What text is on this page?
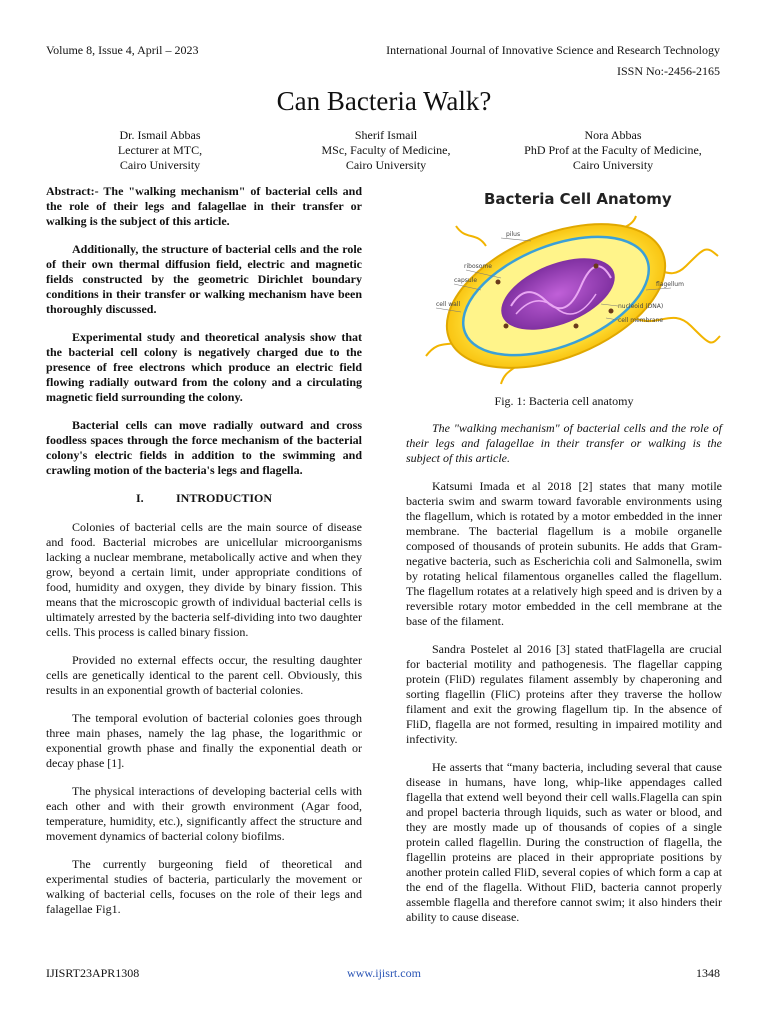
Volume 8, Issue 4, April – 2023	International Journal of Innovative Science and Research Technology
ISSN No:-2456-2165
Can Bacteria Walk?
Dr. Ismail Abbas
Lecturer at MTC,
Cairo University
Sherif Ismail
MSc, Faculty of Medicine,
Cairo University
Nora Abbas
PhD Prof at the Faculty of Medicine,
Cairo University

Abstract:- The "walking mechanism" of bacterial cells and the role of their legs and falagellae in their transfer or walking is the subject of this article.

Additionally, the structure of bacterial cells and the role of their own thermal diffusion field, electric and magnetic fields constructed by the geometric Dirichlet boundary conditions in their transfer or walking mechanism have been thoroughly discussed.

Experimental study and theoretical analysis show that the bacterial cell colony is negatively charged due to the presence of free electrons which produce an electric field flowing radially outward from the colony and a circulating magnetic field surrounding the colony.

Bacterial cells can move radially outward and cross foodless spaces through the force mechanism of the bacterial colony's electric fields in addition to the swimming and crawling motion of the bacteria's legs and flagella.

I.	INTRODUCTION

Colonies of bacterial cells are the main source of disease and food. Bacterial microbes are unicellular microorganisms lacking a nuclear membrane, metabolically active and when they grow, beyond a certain limit, under appropriate conditions of food, humidity and oxygen, they divide by binary fission. This means that the microscopic growth of individual bacterial cells is ultimately arrested by the bacteria self-dividing into two daughter cells. This process is called binary fission.

Provided no external effects occur, the resulting daughter cells are genetically identical to the parent cell. Obviously, this results in an exponential growth of bacterial colonies.

The temporal evolution of bacterial colonies goes through three main phases, namely the lag phase, the logarithmic or exponential growth phase and finally the exponential death or decay phase [1].

The physical interactions of developing bacterial cells with each other and with their growth environment (Agar food, temperature, humidity, etc.), significantly affect the structure and movement dynamics of bacterial colony biofilms.

The currently burgeoning field of theoretical and experimental studies of bacteria, particularly the movement or walking of bacterial cells, focuses on the role of their legs and falagellae Fig1.

Bacteria Cell Anatomy
pilus
ribosome
capsule
cell wall
flagellum
nucleoid (DNA)
cell membrane
Fig. 1: Bacteria cell anatomy

The "walking mechanism" of bacterial cells and the role of their legs and falagellae in their transfer or walking is the subject of this article.

Katsumi Imada et al 2018 [2] states that many motile bacteria swim and swarm toward favorable environments using the flagellum, which is rotated by a motor embedded in the inner membrane. The bacterial flagellum is a mobile organelle composed of thousands of protein subunits. He adds that Gram-negative bacteria, such as Escherichia coli and Salmonella, swim by rotating helical filamentous organelles called the flagellum. The flagellum rotates at a relatively high speed and is driven by a reversible rotary motor embedded in the cell membrane at the base of the filament.

Sandra Postelet al 2016 [3] stated thatFlagella are crucial for bacterial motility and pathogenesis. The flagellar capping protein (FliD) regulates filament assembly by chaperoning and sorting flagellin (FliC) proteins after they traverse the hollow filament and exit the growing flagellum tip. In the absence of FliD, flagella are not formed, resulting in impaired motility and infectivity.

He asserts that “many bacteria, including several that cause disease in humans, have long, whip-like appendages called flagella that extend well beyond their cell walls.Flagella can spin and propel bacteria through liquids, such as water or blood, and they are mostly made up of thousands of copies of a single protein called flagellin. During the construction of flagella, the flagellin proteins are placed in their appropriate positions by another protein called FliD, several copies of which form a cap at the end of the flagella. Without FliD, bacteria cannot properly assemble flagella and therefore cannot swim; it also hinders their ability to cause disease.

IJISRT23APR1308	www.ijisrt.com	1348
